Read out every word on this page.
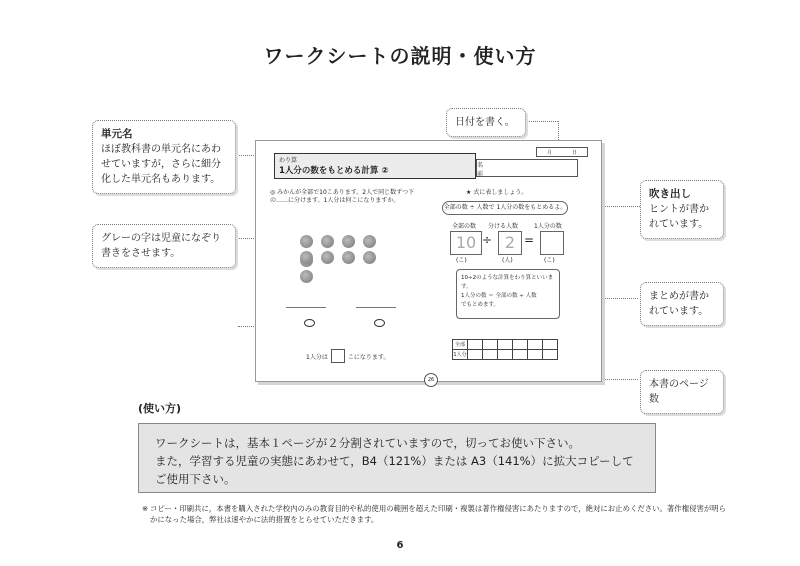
ワークシートの説明・使い方
単元名
ほぼ教科書の単元名にあわせていますが，さらに細分化した単元名もあります。
グレーの字は児童になぞり書きをさせます。
日付を書く。
吹き出し
ヒントが書かれています。
まとめが書かれています。
本書のページ数
月	日
わり算
1人分の数をもとめる計算 ②
名
前
◎ みかんが全部で10こあります。2人で同じ数ずつ下の……に分けます。1人分は何こになりますか。
★ 式に表しましょう。
全部の数 ÷ 人数で 1人分の数をもとめるよ。
全部の数 分ける人数	1人分の数
10 ÷ 2 =
(こ)	(人)	(こ)
10÷2のような計算をわり算といいます。
1人分の数 ＝ 全部の数 ÷ 人数
でもとめます。
1人分は	こになります。
全部						
1人分						
26
(使い方)
ワークシートは，基本１ページが２分割されていますので，切ってお使い下さい。
また，学習する児童の実態にあわせて，B4（121%）または A3（141%）に拡大コピーして
ご使用下さい。
※ コピー・印刷共に，本書を購入された学校内のみの教育目的や私的使用の範囲を超えた印刷・複製は著作権侵害にあたりますので，絶対にお止めください。著作権侵害が明らかになった場合，弊社は速やかに法的措置をとらせていただきます。
6
